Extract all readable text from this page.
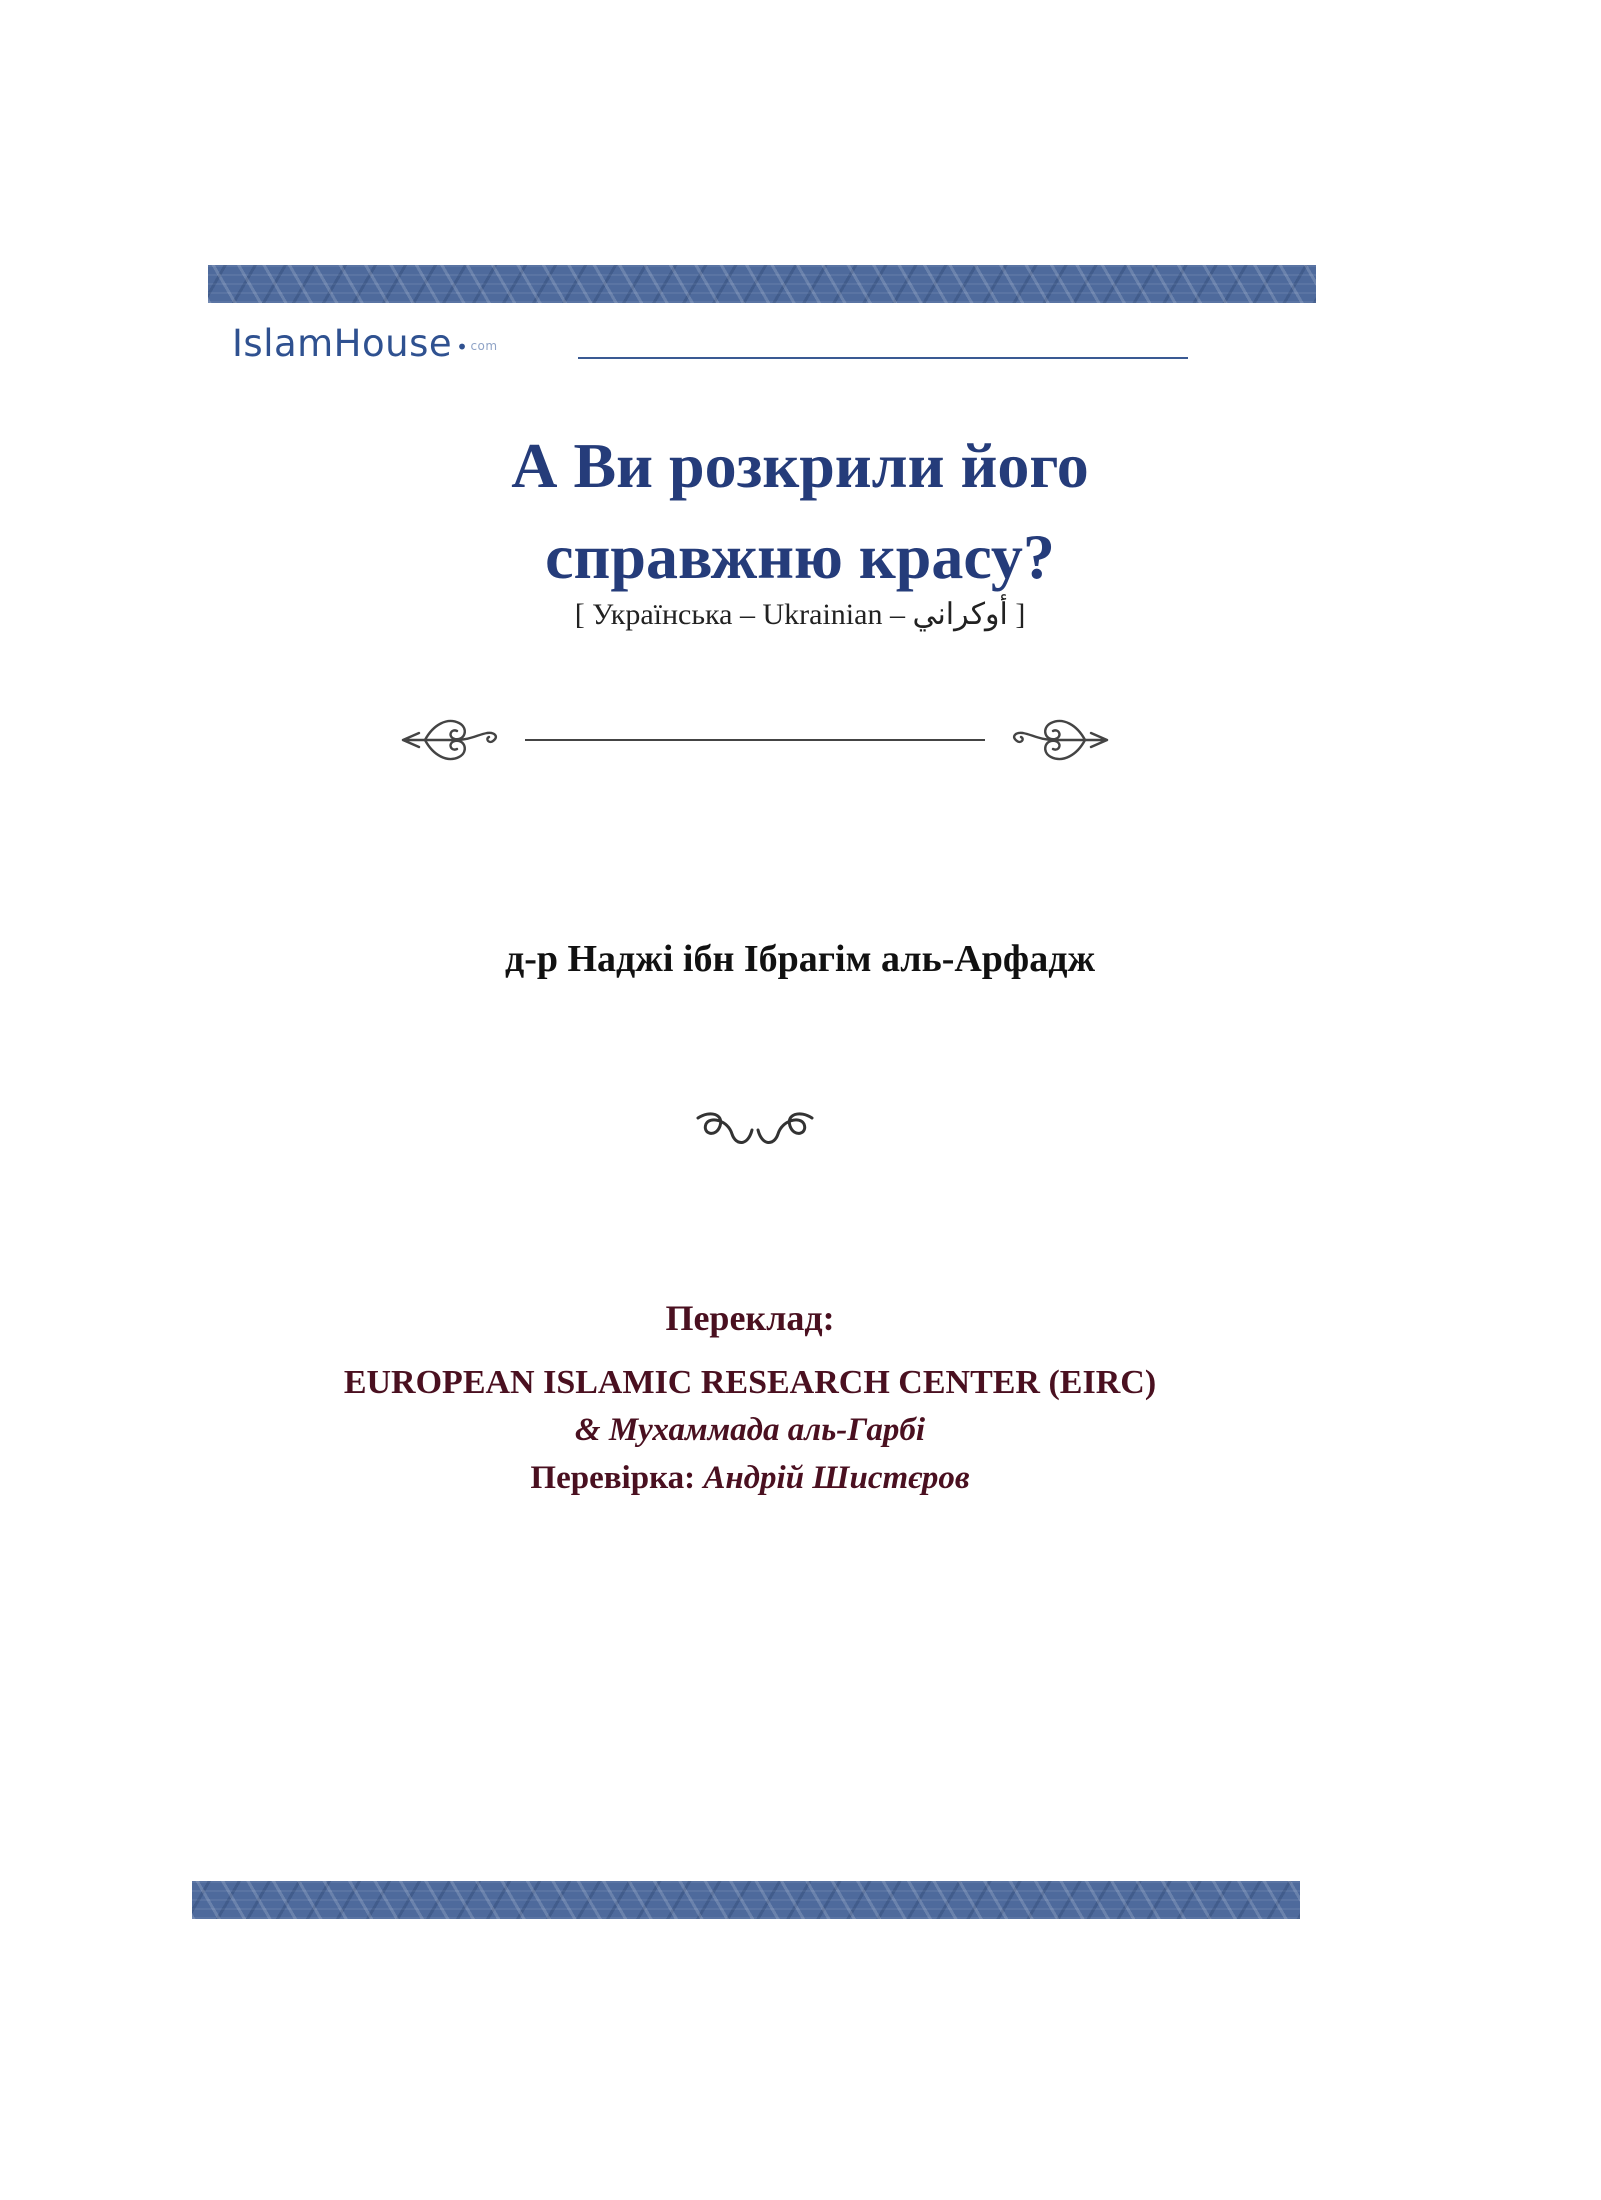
IslamHouse • com
А Ви розкрили його
справжню красу?
[ Українська – Ukrainian – أوكراني ]
д-р Наджі ібн Ібрагім аль-Арфадж
Переклад:
EUROPEAN ISLAMIC RESEARCH CENTER (EIRC)
& Мухаммада аль-Гарбі
Перевірка: Андрій Шистєров
